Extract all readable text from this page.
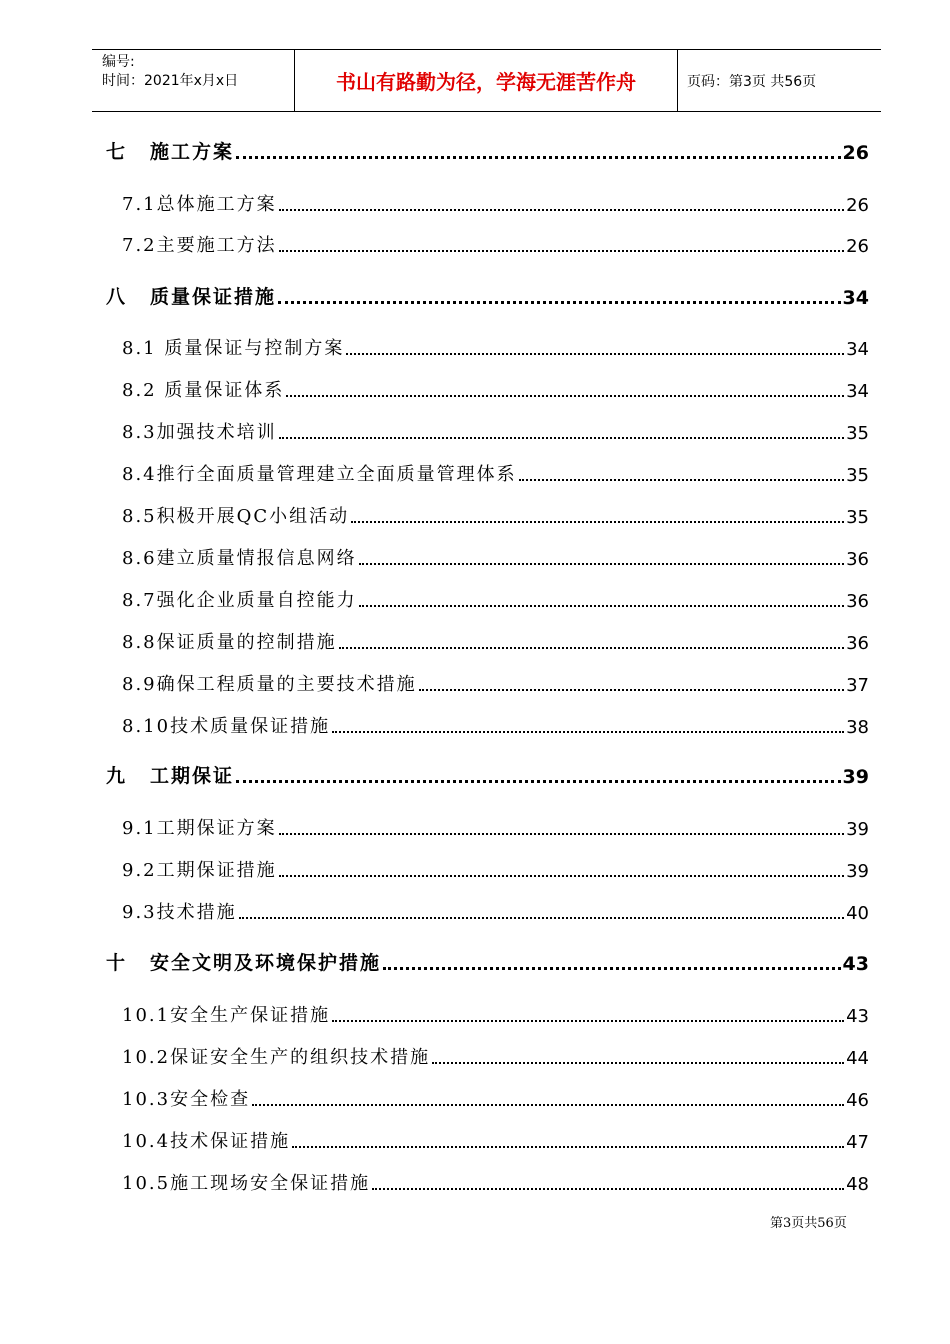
编号:
时间：2021年x月x日	书山有路勤为径，学海无涯苦作舟	页码：第3页 共56页
七	施工方案	26
7.1总体施工方案	26
7.2主要施工方法	26
八	质量保证措施	34
8.1 质量保证与控制方案	34
8.2 质量保证体系	34
8.3加强技术培训	35
8.4推行全面质量管理建立全面质量管理体系	35
8.5积极开展QC小组活动	35
8.6建立质量情报信息网络	36
8.7强化企业质量自控能力	36
8.8保证质量的控制措施	36
8.9确保工程质量的主要技术措施	37
8.10技术质量保证措施	38
九	工期保证	39
9.1工期保证方案	39
9.2工期保证措施	39
9.3技术措施	40
十	安全文明及环境保护措施	43
10.1安全生产保证措施	43
10.2保证安全生产的组织技术措施	44
10.3安全检查	46
10.4技术保证措施	47
10.5施工现场安全保证措施	48
第3页共56页
